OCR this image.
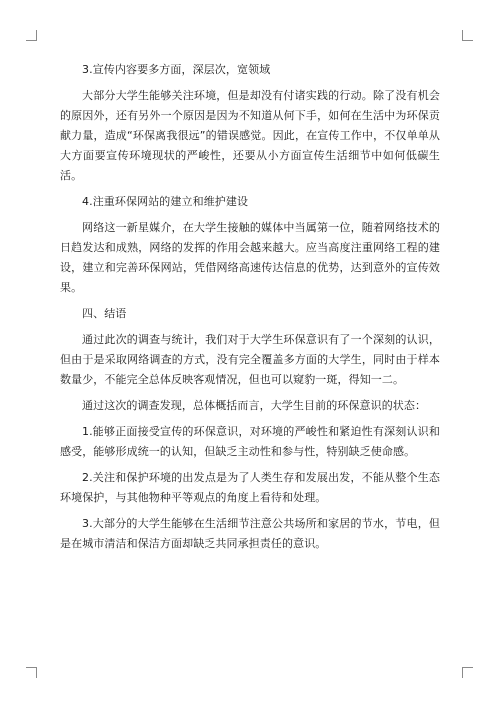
3.宣传内容要多方面，深层次，宽领域

大部分大学生能够关注环境，但是却没有付诸实践的行动。除了没有机会的原因外，还有另外一个原因是因为不知道从何下手，如何在生活中为环保贡献力量，造成“环保离我很远”的错误感觉。因此，在宣传工作中，不仅单单从大方面要宣传环境现状的严峻性，还要从小方面宣传生活细节中如何低碳生活。

4.注重环保网站的建立和维护建设

网络这一新星媒介，在大学生接触的媒体中当属第一位，随着网络技术的日趋发达和成熟，网络的发挥的作用会越来越大。应当高度注重网络工程的建设，建立和完善环保网站，凭借网络高速传达信息的优势，达到意外的宣传效果。

四、结语

通过此次的调查与统计，我们对于大学生环保意识有了一个深刻的认识，但由于是采取网络调查的方式，没有完全覆盖多方面的大学生，同时由于样本数量少，不能完全总体反映客观情况，但也可以窥豹一斑，得知一二。

通过这次的调查发现，总体概括而言，大学生目前的环保意识的状态：

1.能够正面接受宣传的环保意识，对环境的严峻性和紧迫性有深刻认识和感受，能够形成统一的认知，但缺乏主动性和参与性，特别缺乏使命感。

2.关注和保护环境的出发点是为了人类生存和发展出发，不能从整个生态环境保护，与其他物种平等观点的角度上看待和处理。

3.大部分的大学生能够在生活细节注意公共场所和家居的节水，节电，但是在城市清洁和保洁方面却缺乏共同承担责任的意识。
